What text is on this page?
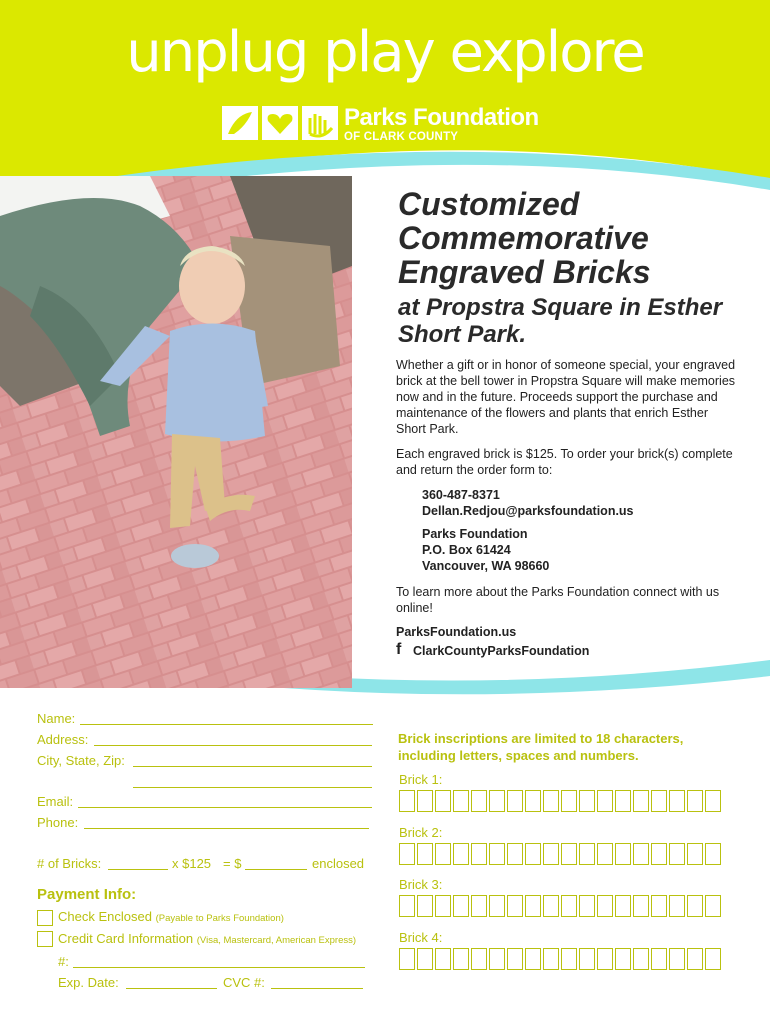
unplug play explore
Parks Foundation
OF CLARK COUNTY
Customized Commemorative Engraved Bricks
at Propstra Square in Esther Short Park.
Whether a gift or in honor of someone special, your engraved brick at the bell tower in Propstra Square will make memories now and in the future. Proceeds support the purchase and maintenance of the flowers and plants that enrich Esther Short Park.
Each engraved brick is $125. To order your brick(s) complete and return the order form to:
360-487-8371
Dellan.Redjou@parksfoundation.us
Parks Foundation
P.O. Box 61424
Vancouver, WA 98660
To learn more about the Parks Foundation connect with us online!
ParksFoundation.us
f ClarkCountyParksFoundation
Name:
Address:
City, State, Zip:
Email:
Phone:
# of Bricks:	x $125 = $	enclosed
Payment Info:
Check Enclosed (Payable to Parks Foundation)
Credit Card Information (Visa, Mastercard, American Express)
#:
Exp. Date:	CVC #:
Brick inscriptions are limited to 18 characters, including letters, spaces and numbers.
Brick 1:
Brick 2:
Brick 3:
Brick 4:
